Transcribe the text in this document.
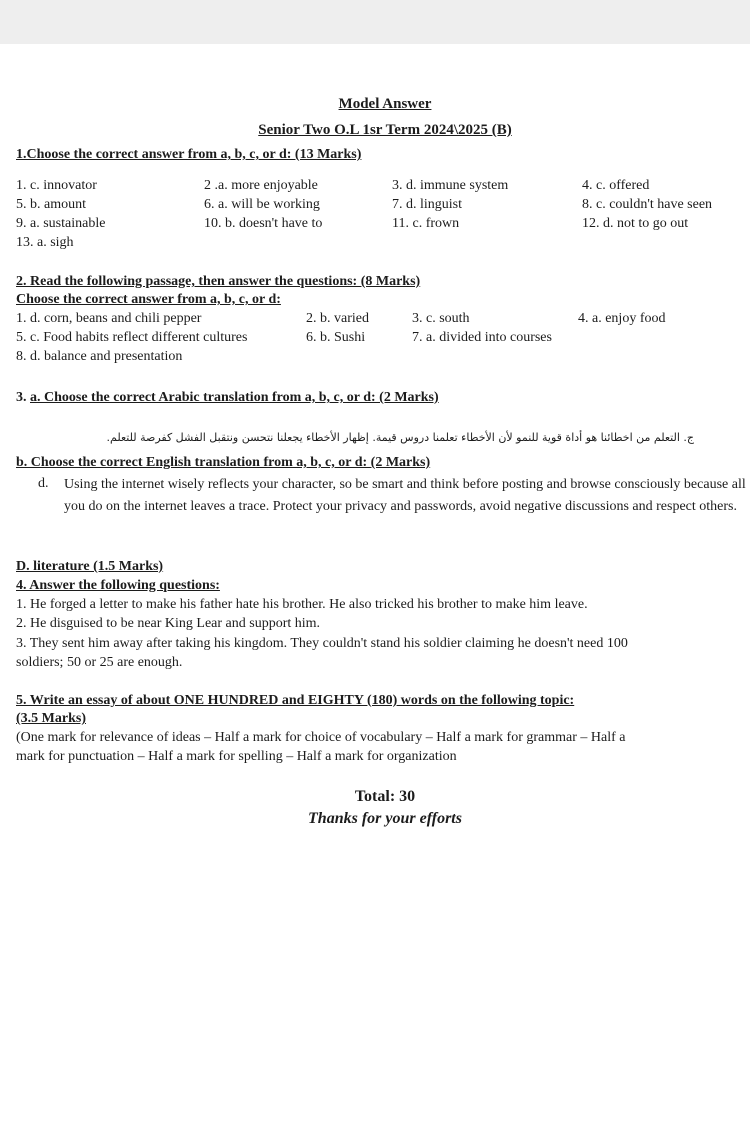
Model Answer
Senior Two O.L 1sr Term 2024\2025 (B)
1.Choose the correct answer from a, b, c, or d: (13 Marks)
1. c. innovator	2 .a. more enjoyable	3. d. immune system	4. c. offered
5. b. amount	6. a. will be working	7. d. linguist	8. c. couldn't have seen
9. a. sustainable	10. b. doesn't have to	11. c. frown	12. d. not to go out
13. a. sigh
2. Read the following passage, then answer the questions: (8 Marks)
Choose the correct answer from a, b, c, or d:
1. d. corn, beans and chili pepper	2. b. varied	3. c. south	4. a. enjoy food
5. c. Food habits reflect different cultures	6. b. Sushi	7. a. divided into courses
8. d. balance and presentation
3. a. Choose the correct Arabic translation from a, b, c, or d: (2 Marks)
ج. التعلم من اخطائنا هو أداة قوية للنمو لأن الأخطاء تعلمنا دروس قيمة. إظهار الأخطاء يجعلنا نتحسن ونتقبل الفشل كفرصة للتعلم.
b. Choose the correct English translation from a, b, c, or d: (2 Marks)
d. Using the internet wisely reflects your character, so be smart and think before posting and browse consciously because all you do on the internet leaves a trace. Protect your privacy and passwords, avoid negative discussions and respect others.
D. literature (1.5 Marks)
4. Answer the following questions:
1. He forged a letter to make his father hate his brother. He also tricked his brother to make him leave.
2. He disguised to be near King Lear and support him.
3. They sent him away after taking his kingdom. They couldn't stand his soldier claiming he doesn't need 100
soldiers; 50 or 25 are enough.
5. Write an essay of about ONE HUNDRED and EIGHTY (180) words on the following topic:
(3.5 Marks)
(One mark for relevance of ideas – Half a mark for choice of vocabulary – Half a mark for grammar – Half a
mark for punctuation – Half a mark for spelling – Half a mark for organization
Total: 30
Thanks for your efforts
